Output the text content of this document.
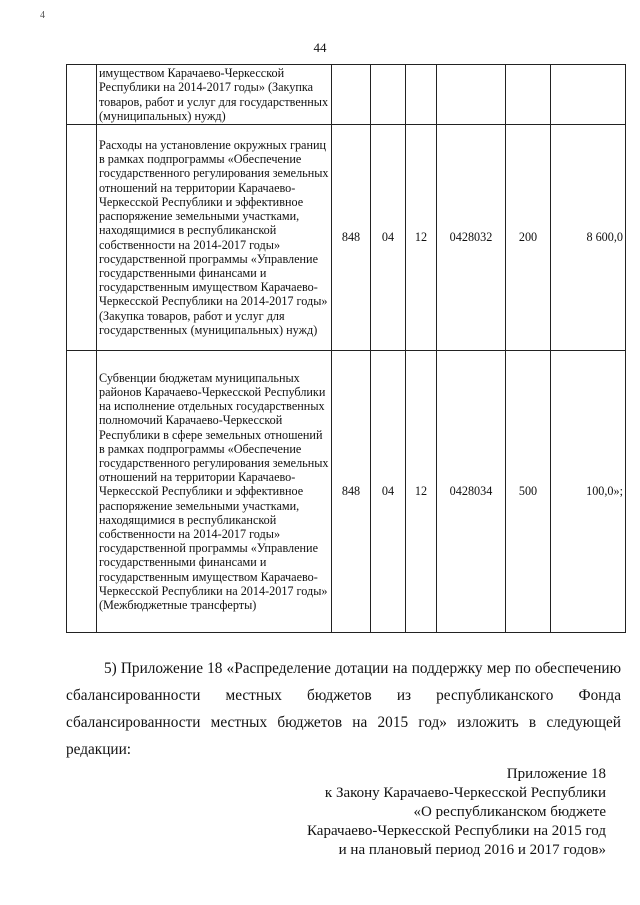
4
44
	имуществом Карачаево-Черкесской Республики на 2014-2017 годы» (Закупка товаров, работ и услуг для государственных (муниципальных) нужд)						
	Расходы на установление окружных границ в рамках подпрограммы «Обеспечение государственного регулирования земельных отношений на территории Карачаево-Черкесской Республики и эффективное распоряжение земельными участками, находящимися в республиканской собственности на 2014-2017 годы» государственной программы «Управление государственными финансами и государственным имуществом Карачаево-Черкесской Республики на 2014-2017 годы» (Закупка товаров, работ и услуг для государственных (муниципальных) нужд)	848	04	12	0428032	200	8 600,0
	Субвенции бюджетам муниципальных районов Карачаево-Черкесской Республики на исполнение отдельных государственных полномочий Карачаево-Черкесской Республики в сфере земельных отношений в рамках подпрограммы «Обеспечение государственного регулирования земельных отношений на территории Карачаево-Черкесской Республики и эффективное распоряжение земельными участками, находящимися в республиканской собственности на 2014-2017 годы» государственной программы «Управление государственными финансами и государственным имуществом Карачаево-Черкесской Республики на 2014-2017 годы» (Межбюджетные трансферты)	848	04	12	0428034	500	100,0»;
5) Приложение 18 «Распределение дотации на поддержку мер по обеспечению сбалансированности местных бюджетов из республиканского Фонда сбалансированности местных бюджетов на 2015 год» изложить в следующей редакции:
Приложение 18
к Закону Карачаево-Черкесской Республики
«О республиканском бюджете
Карачаево-Черкесской Республики на 2015 год
и на плановый период 2016 и 2017 годов»
